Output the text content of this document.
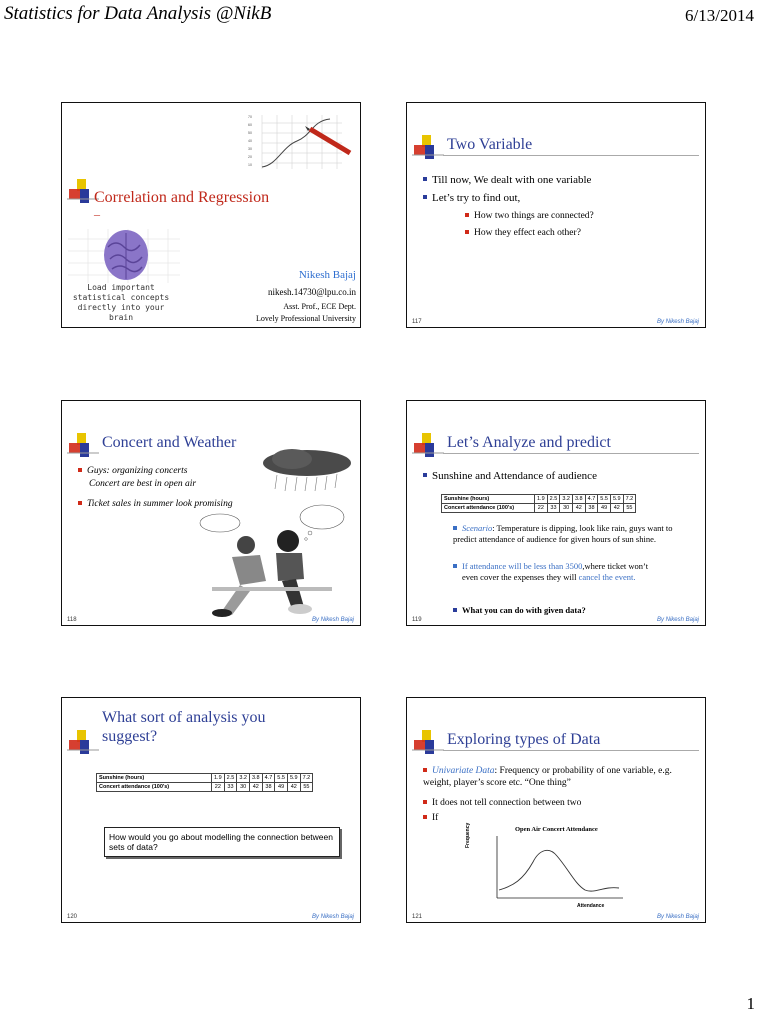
Statistics for Data Analysis @NikB	6/13/2014
Correlation and Regression
_
70
60
50
40
30
20
10
Load important
statistical concepts
directly into your brain
Nikesh Bajaj
nikesh.14730@lpu.co.in
Asst. Prof., ECE Dept.
Lovely Professional University
Two Variable
Till now, We dealt with one variable
Let’s try to find out,
How two things are connected?
How they effect each other?
117	By Nikesh Bajaj
Concert and Weather
Guys: organizing concerts
Concert are best in open air
Ticket sales in summer look promising
118	By Nikesh Bajaj
Let’s Analyze and predict
Sunshine and Attendance of audience
Sunshine (hours)	1.9	2.5	3.2	3.8	4.7	5.5	5.9	7.2
Concert attendance (100’s)	22	33	30	42	38	49	42	55
Scenario: Temperature is dipping, look like rain, guys want to predict attendance of audience for given hours of sun shine.
If attendance will be less than 3500,where ticket won’t
even cover the expenses they will cancel the event.
What you can do with given data?
119	By Nikesh Bajaj
What sort of analysis you
suggest?
Sunshine (hours)	1.9	2.5	3.2	3.8	4.7	5.5	5.9	7.2
Concert attendance (100’s)	22	33	30	42	38	49	42	55
How would you go about modelling the connection between sets of data?
120	By Nikesh Bajaj
Exploring types of Data
Univariate Data: Frequency or probability of one variable, e.g. weight, player’s score etc. “One thing”
It does not tell connection between two
If
Open Air Concert Attendance
Frequency
Attendance
121	By Nikesh Bajaj
1
